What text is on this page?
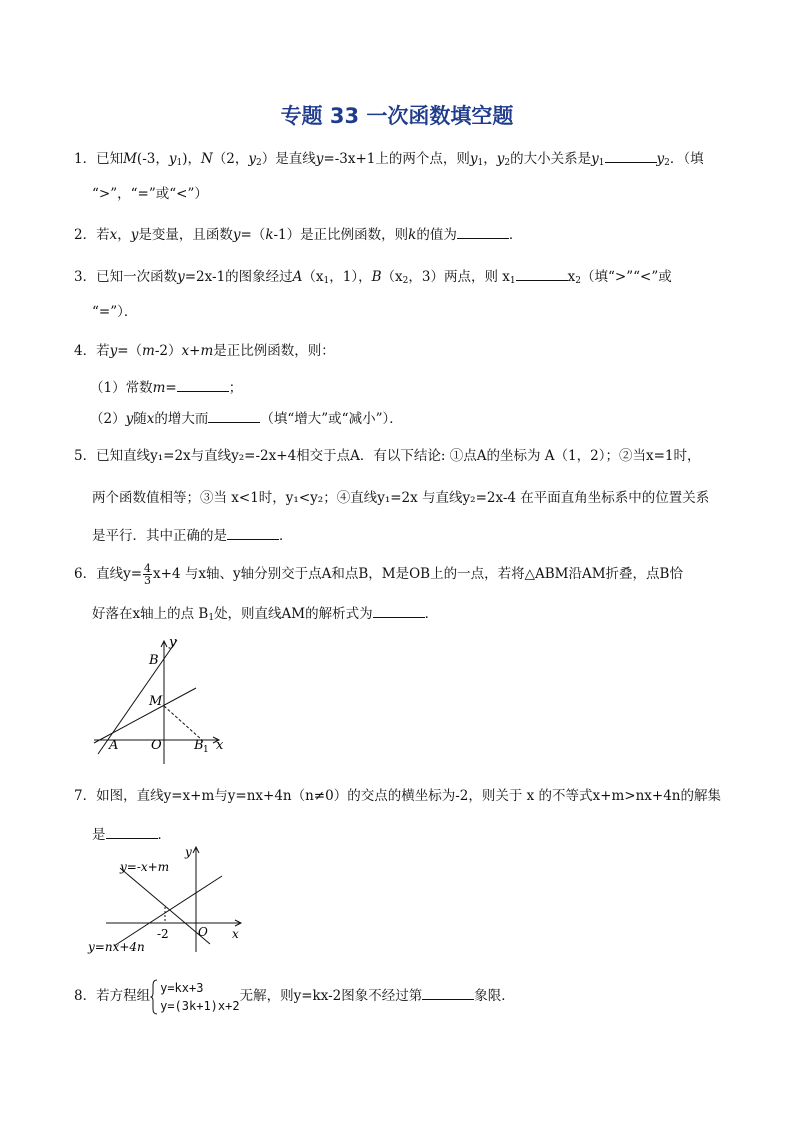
专题 33 一次函数填空题
1．已知M(-3，$y_1$)，N（2，$y_2$）是直线y=-3x+1上的两个点，则$y_1$，$y_2$的大小关系是$y_1$	$y_2$．（填
“>”，“=”或“<”）
2．若x，y是变量，且函数y=（k-1）是正比例函数，则k的值为	．
3．已知一次函数y=2x-1的图象经过$A(x_1$，1），$B(x_2$，3）两点，则 $x_1$	$x_2$（填“>”“<”或
“=”）．
4．若y=（m-2）x+m是正比例函数，则：
（1）常数m=	；
（2）y随x的增大而	（填“增大”或“减小”）．
5．已知直线y₁=2x与直线y₂=-2x+4相交于点A．有以下结论: ①点A的坐标为 A（1，2）；②当x=1时，
两个函数值相等；③当 x<1时，y₁<y₂；④直线y₁=2x 与直线y₂=2x-4 在平面直角坐标系中的位置关系
是平行．其中正确的是	．
6．直线$y= \frac{4}{3} x+4$ 与x轴、y轴分别交于点A和点B，M是OB上的一点，若将△ABM沿AM折叠，点B恰
好落在x轴上的点 $B_1$处，则直线AM的解析式为	．
B
y
M
A	O B 1 x
7．如图，直线y=x+m与y=nx+4n（n≠0）的交点的横坐标为-2，则关于 x 的不等式x+m>nx+4n的解集
是	．
y=-x+m
y=nx+4n
-2 O x
y
8．若方程组
y=kx+3
y=(3k+1)x+2
无解，则y=kx-2图象不经过第	象限．
